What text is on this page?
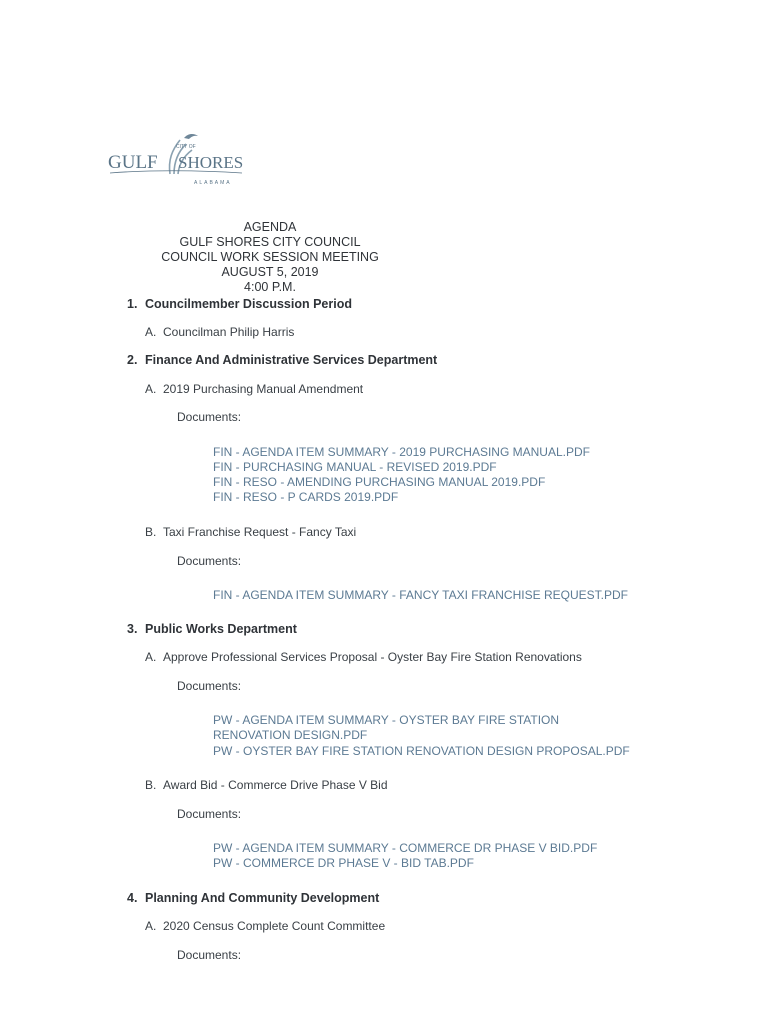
CITY OF
GULF SHORES
ALABAMA
AGENDA
GULF SHORES CITY COUNCIL
COUNCIL WORK SESSION MEETING
AUGUST 5, 2019
4:00 P.M.
1. Councilmember Discussion Period
A. Councilman Philip Harris
2. Finance And Administrative Services Department
A. 2019 Purchasing Manual Amendment
Documents:
FIN - AGENDA ITEM SUMMARY - 2019 PURCHASING MANUAL.PDF
FIN - PURCHASING MANUAL - REVISED 2019.PDF
FIN - RESO - AMENDING PURCHASING MANUAL 2019.PDF
FIN - RESO - P CARDS 2019.PDF
B. Taxi Franchise Request - Fancy Taxi
Documents:
FIN - AGENDA ITEM SUMMARY - FANCY TAXI FRANCHISE REQUEST.PDF
3. Public Works Department
A. Approve Professional Services Proposal - Oyster Bay Fire Station Renovations
Documents:
PW - AGENDA ITEM SUMMARY - OYSTER BAY FIRE STATION
RENOVATION DESIGN.PDF
PW - OYSTER BAY FIRE STATION RENOVATION DESIGN PROPOSAL.PDF
B. Award Bid - Commerce Drive Phase V Bid
Documents:
PW - AGENDA ITEM SUMMARY - COMMERCE DR PHASE V BID.PDF
PW - COMMERCE DR PHASE V - BID TAB.PDF
4. Planning And Community Development
A. 2020 Census Complete Count Committee
Documents:
